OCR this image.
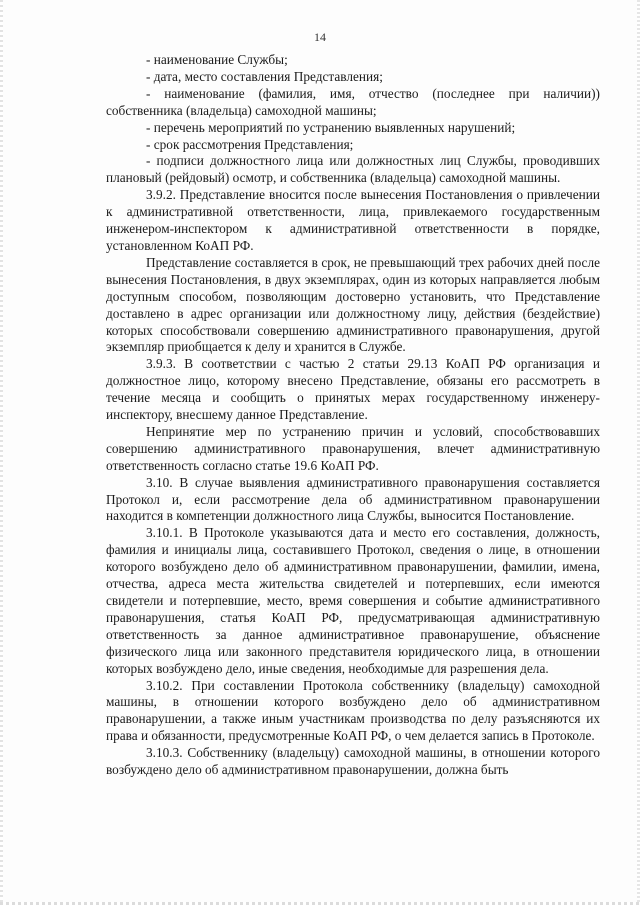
14

- наименование Службы;

- дата, место составления Представления;

- наименование (фамилия, имя, отчество (последнее при наличии)) собственника (владельца) самоходной машины;

- перечень мероприятий по устранению выявленных нарушений;

- срок рассмотрения Представления;

- подписи должностного лица или должностных лиц Службы, проводивших плановый (рейдовый) осмотр, и собственника (владельца) самоходной машины.

3.9.2. Представление вносится после вынесения Постановления о привлечении к административной ответственности, лица, привлекаемого государственным инженером-инспектором к административной ответственности в порядке, установленном КоАП РФ.

Представление составляется в срок, не превышающий трех рабочих дней после вынесения Постановления, в двух экземплярах, один из которых направляется любым доступным способом, позволяющим достоверно установить, что Представление доставлено в адрес организации или должностному лицу, действия (бездействие) которых способствовали совершению административного правонарушения, другой экземпляр приобщается к делу и хранится в Службе.

3.9.3. В соответствии с частью 2 статьи 29.13 КоАП РФ организация и должностное лицо, которому внесено Представление, обязаны его рассмотреть в течение месяца и сообщить о принятых мерах государственному инженеру-инспектору, внесшему данное Представление.

Непринятие мер по устранению причин и условий, способствовавших совершению административного правонарушения, влечет административную ответственность согласно статье 19.6 КоАП РФ.

3.10. В случае выявления административного правонарушения составляется Протокол и, если рассмотрение дела об административном правонарушении находится в компетенции должностного лица Службы, выносится Постановление.

3.10.1. В Протоколе указываются дата и место его составления, должность, фамилия и инициалы лица, составившего Протокол, сведения о лице, в отношении которого возбуждено дело об административном правонарушении, фамилии, имена, отчества, адреса места жительства свидетелей и потерпевших, если имеются свидетели и потерпевшие, место, время совершения и событие административного правонарушения, статья КоАП РФ, предусматривающая административную ответственность за данное административное правонарушение, объяснение физического лица или законного представителя юридического лица, в отношении которых возбуждено дело, иные сведения, необходимые для разрешения дела.

3.10.2. При составлении Протокола собственнику (владельцу) самоходной машины, в отношении которого возбуждено дело об административном правонарушении, а также иным участникам производства по делу разъясняются их права и обязанности, предусмотренные КоАП РФ, о чем делается запись в Протоколе.

3.10.3. Собственнику (владельцу) самоходной машины, в отношении которого возбуждено дело об административном правонарушении, должна быть
